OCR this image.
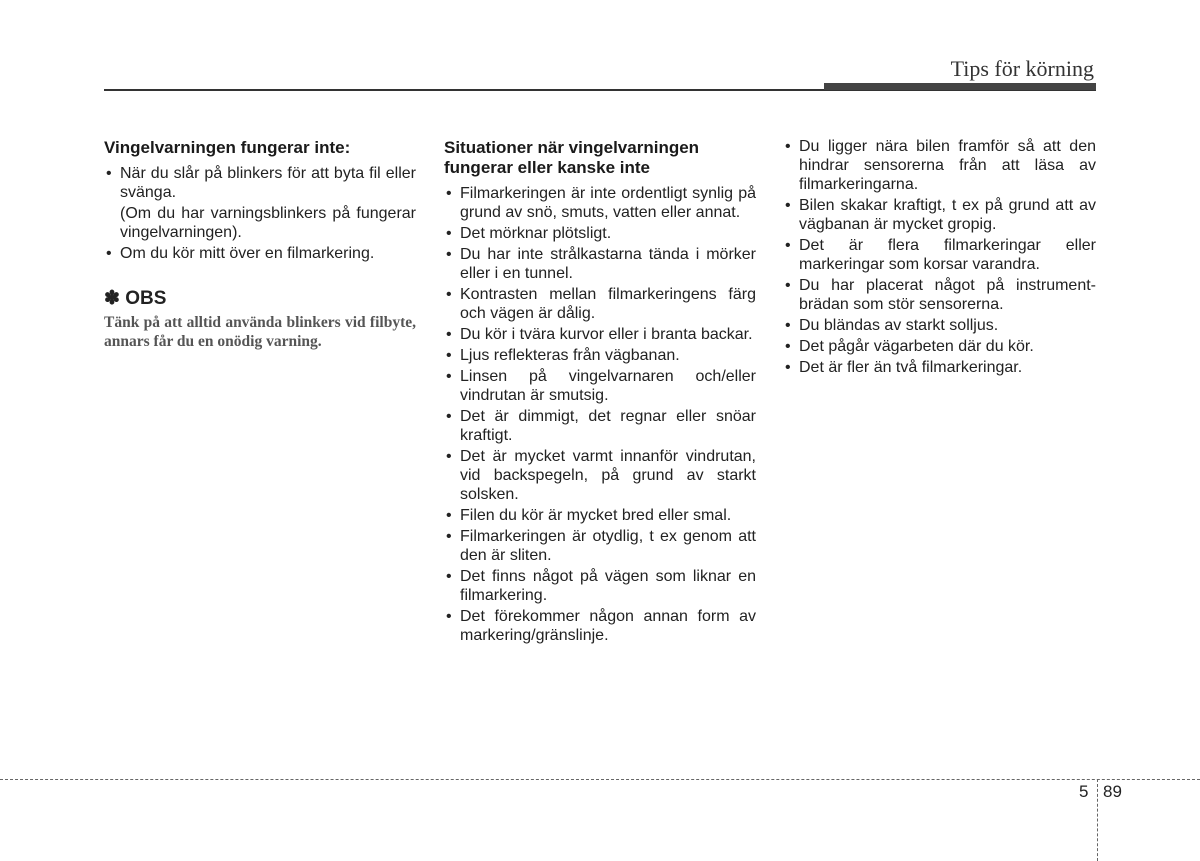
Tips för körning
Vingelvarningen fungerar inte:
• När du slår på blinkers för att byta fil eller svänga.

(Om du har varningsblinkers på fungerar vingelvarningen).

• Om du kör mitt över en filmarkering.
✽ OBS

Tänk på att alltid använda blinkers vid filbyte, annars får du en onödig varning.

Situationer när vingelvarningen fungerar eller kanske inte
• Filmarkeringen är inte ordentligt synlig på grund av snö, smuts, vatten eller annat.
• Det mörknar plötsligt.
• Du har inte strålkastarna tända i mörker eller i en tunnel.
• Kontrasten mellan filmarkeringens färg och vägen är dålig.
• Du kör i tvära kurvor eller i branta backar.
• Ljus reflekteras från vägbanan.
• Linsen på vingelvarnaren och/eller vindrutan är smutsig.
• Det är dimmigt, det regnar eller snöar kraftigt.
• Det är mycket varmt innanför vindrutan, vid backspegeln, på grund av starkt solsken.
• Filen du kör är mycket bred eller smal.
• Filmarkeringen är otydlig, t ex genom att den är sliten.
• Det finns något på vägen som liknar en filmarkering.
• Det förekommer någon annan form av markering/gränslinje.
• Du ligger nära bilen framför så att den hindrar sensorerna från att läsa av filmarkeringarna.
• Bilen skakar kraftigt, t ex på grund att av vägbanan är mycket gropig.
• Det är flera filmarkeringar eller markeringar som korsar varandra.
• Du har placerat något på instrument-brädan som stör sensorerna.
• Du bländas av starkt solljus.
• Det pågår vägarbeten där du kör.
• Det är fler än två filmarkeringar.
5 89
